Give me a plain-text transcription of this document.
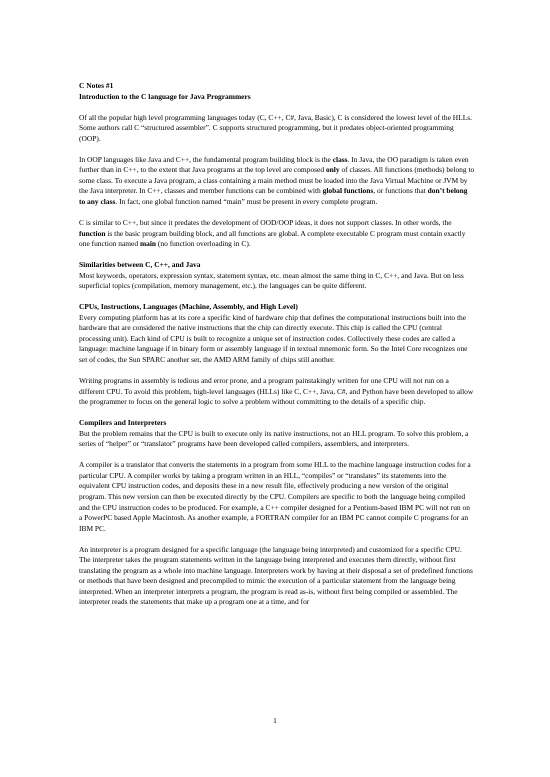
C Notes #1
Introduction to the C language for Java Programmers

Of all the popular high level programming languages today (C, C++, C#, Java, Basic), C is considered the lowest level of the HLLs. Some authors call C “structured assembler”. C supports structured programming, but it predates object-oriented programming (OOP).

In OOP languages like Java and C++, the fundamental program building block is the class. In Java, the OO paradigm is taken even further than in C++, to the extent that Java programs at the top level are composed only of classes. All functions (methods) belong to some class. To execute a Java program, a class containing a main method must be loaded into the Java Virtual Machine or JVM by the Java interpreter. In C++, classes and member functions can be combined with global functions, or functions that don’t belong to any class. In fact, one global function named “main” must be present in every complete program.

C is similar to C++, but since it predates the development of OOD/OOP ideas, it does not support classes. In other words, the function is the basic program building block, and all functions are global. A complete executable C program must contain exactly one function named main (no function overloading in C).

Similarities between C, C++, and Java

Most keywords, operators, expression syntax, statement syntax, etc. mean almost the same thing in C, C++, and Java. But on less superficial topics (compilation, memory management, etc.), the languages can be quite different.

CPUs, Instructions, Languages (Machine, Assembly, and High Level)

Every computing platform has at its core a specific kind of hardware chip that defines the computational instructions built into the hardware that are considered the native instructions that the chip can directly execute. This chip is called the CPU (central processing unit). Each kind of CPU is built to recognize a unique set of instruction codes. Collectively these codes are called a language: machine language if in binary form or assembly language if in textual mnemonic form. So the Intel Core recognizes one set of codes, the Sun SPARC another set, the AMD ARM family of chips still another.

Writing programs in assembly is tedious and error prone, and a program painstakingly written for one CPU will not run on a different CPU. To avoid this problem, high-level languages (HLLs) like C, C++, Java, C#, and Python have been developed to allow the programmer to focus on the general logic to solve a problem without committing to the details of a specific chip.

Compilers and Interpreters

But the problem remains that the CPU is built to execute only its native instructions, not an HLL program. To solve this problem, a series of “helper” or “translator” programs have been developed called compilers, assemblers, and interpreters.

A compiler is a translator that converts the statements in a program from some HLL to the machine language instruction codes for a particular CPU. A compiler works by taking a program written in an HLL, “compiles” or “translates” its statements into the equivalent CPU instruction codes, and deposits these in a new result file, effectively producing a new version of the original program. This new version can then be executed directly by the CPU. Compilers are specific to both the language being compiled and the CPU instruction codes to be produced. For example, a C++ compiler designed for a Pentium-based IBM PC will not run on a PowerPC based Apple Macintosh. As another example, a FORTRAN compiler for an IBM PC cannot compile C programs for an IBM PC.

An interpreter is a program designed for a specific language (the language being interpreted) and customized for a specific CPU. The interpreter takes the program statements written in the language being interpreted and executes them directly, without first translating the program as a whole into machine language. Interpreters work by having at their disposal a set of predefined functions or methods that have been designed and precompiled to mimic the execution of a particular statement from the language being interpreted. When an interpreter interprets a program, the program is read as-is, without first being compiled or assembled. The interpreter reads the statements that make up a program one at a time, and for

1
